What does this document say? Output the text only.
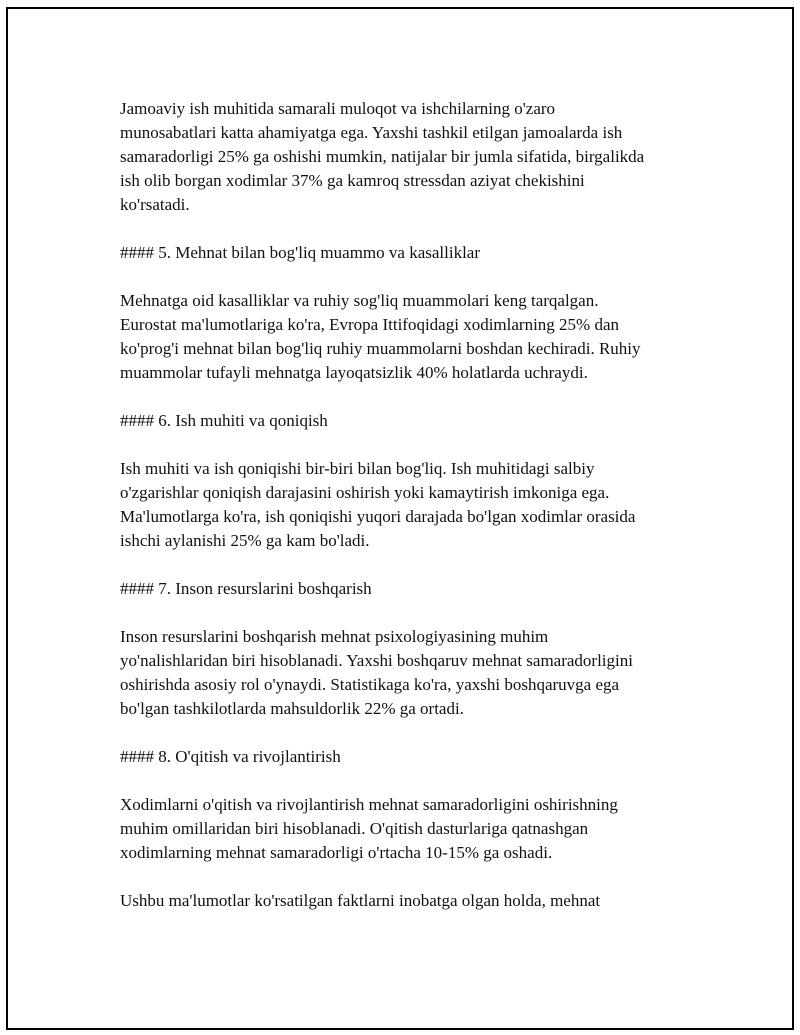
Jamoaviy ish muhitida samarali muloqot va ishchilarning o'zaro
munosabatlari katta ahamiyatga ega. Yaxshi tashkil etilgan jamoalarda ish
samaradorligi 25% ga oshishi mumkin, natijalar bir jumla sifatida, birgalikda
ish olib borgan xodimlar 37% ga kamroq stressdan aziyat chekishini
ko'rsatadi.

#### 5. Mehnat bilan bog'liq muammo va kasalliklar

Mehnatga oid kasalliklar va ruhiy sog'liq muammolari keng tarqalgan.
Eurostat ma'lumotlariga ko'ra, Evropa Ittifoqidagi xodimlarning 25% dan
ko'prog'i mehnat bilan bog'liq ruhiy muammolarni boshdan kechiradi. Ruhiy
muammolar tufayli mehnatga layoqatsizlik 40% holatlarda uchraydi.

#### 6. Ish muhiti va qoniqish

Ish muhiti va ish qoniqishi bir-biri bilan bog'liq. Ish muhitidagi salbiy
o'zgarishlar qoniqish darajasini oshirish yoki kamaytirish imkoniga ega.
Ma'lumotlarga ko'ra, ish qoniqishi yuqori darajada bo'lgan xodimlar orasida
ishchi aylanishi 25% ga kam bo'ladi.

#### 7. Inson resurslarini boshqarish

Inson resurslarini boshqarish mehnat psixologiyasining muhim
yo'nalishlaridan biri hisoblanadi. Yaxshi boshqaruv mehnat samaradorligini
oshirishda asosiy rol o'ynaydi. Statistikaga ko'ra, yaxshi boshqaruvga ega
bo'lgan tashkilotlarda mahsuldorlik 22% ga ortadi.

#### 8. O'qitish va rivojlantirish

Xodimlarni o'qitish va rivojlantirish mehnat samaradorligini oshirishning
muhim omillaridan biri hisoblanadi. O'qitish dasturlariga qatnashgan
xodimlarning mehnat samaradorligi o'rtacha 10-15% ga oshadi.

Ushbu ma'lumotlar ko'rsatilgan faktlarni inobatga olgan holda, mehnat
